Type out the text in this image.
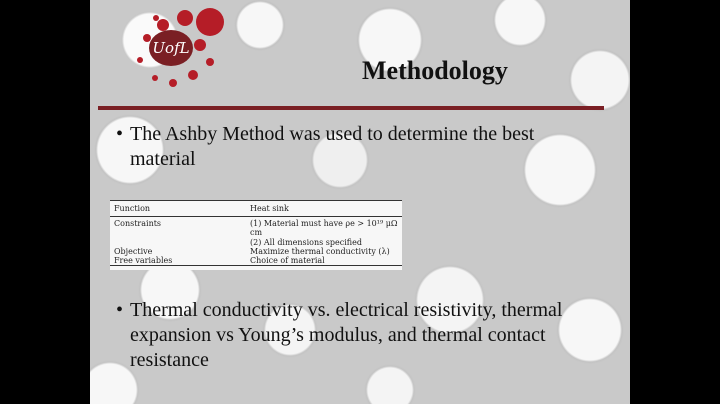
UofL
Methodology
• The Ashby Method was used to determine the best material
Function	Heat sink
Constraints	(1) Material must have ρe > 10¹⁹ μΩ cm
	(2) All dimensions specified
Objective	Maximize thermal conductivity (λ)
Free variables	Choice of material
• Thermal conductivity vs. electrical resistivity, thermal expansion vs Young’s modulus, and thermal contact resistance
